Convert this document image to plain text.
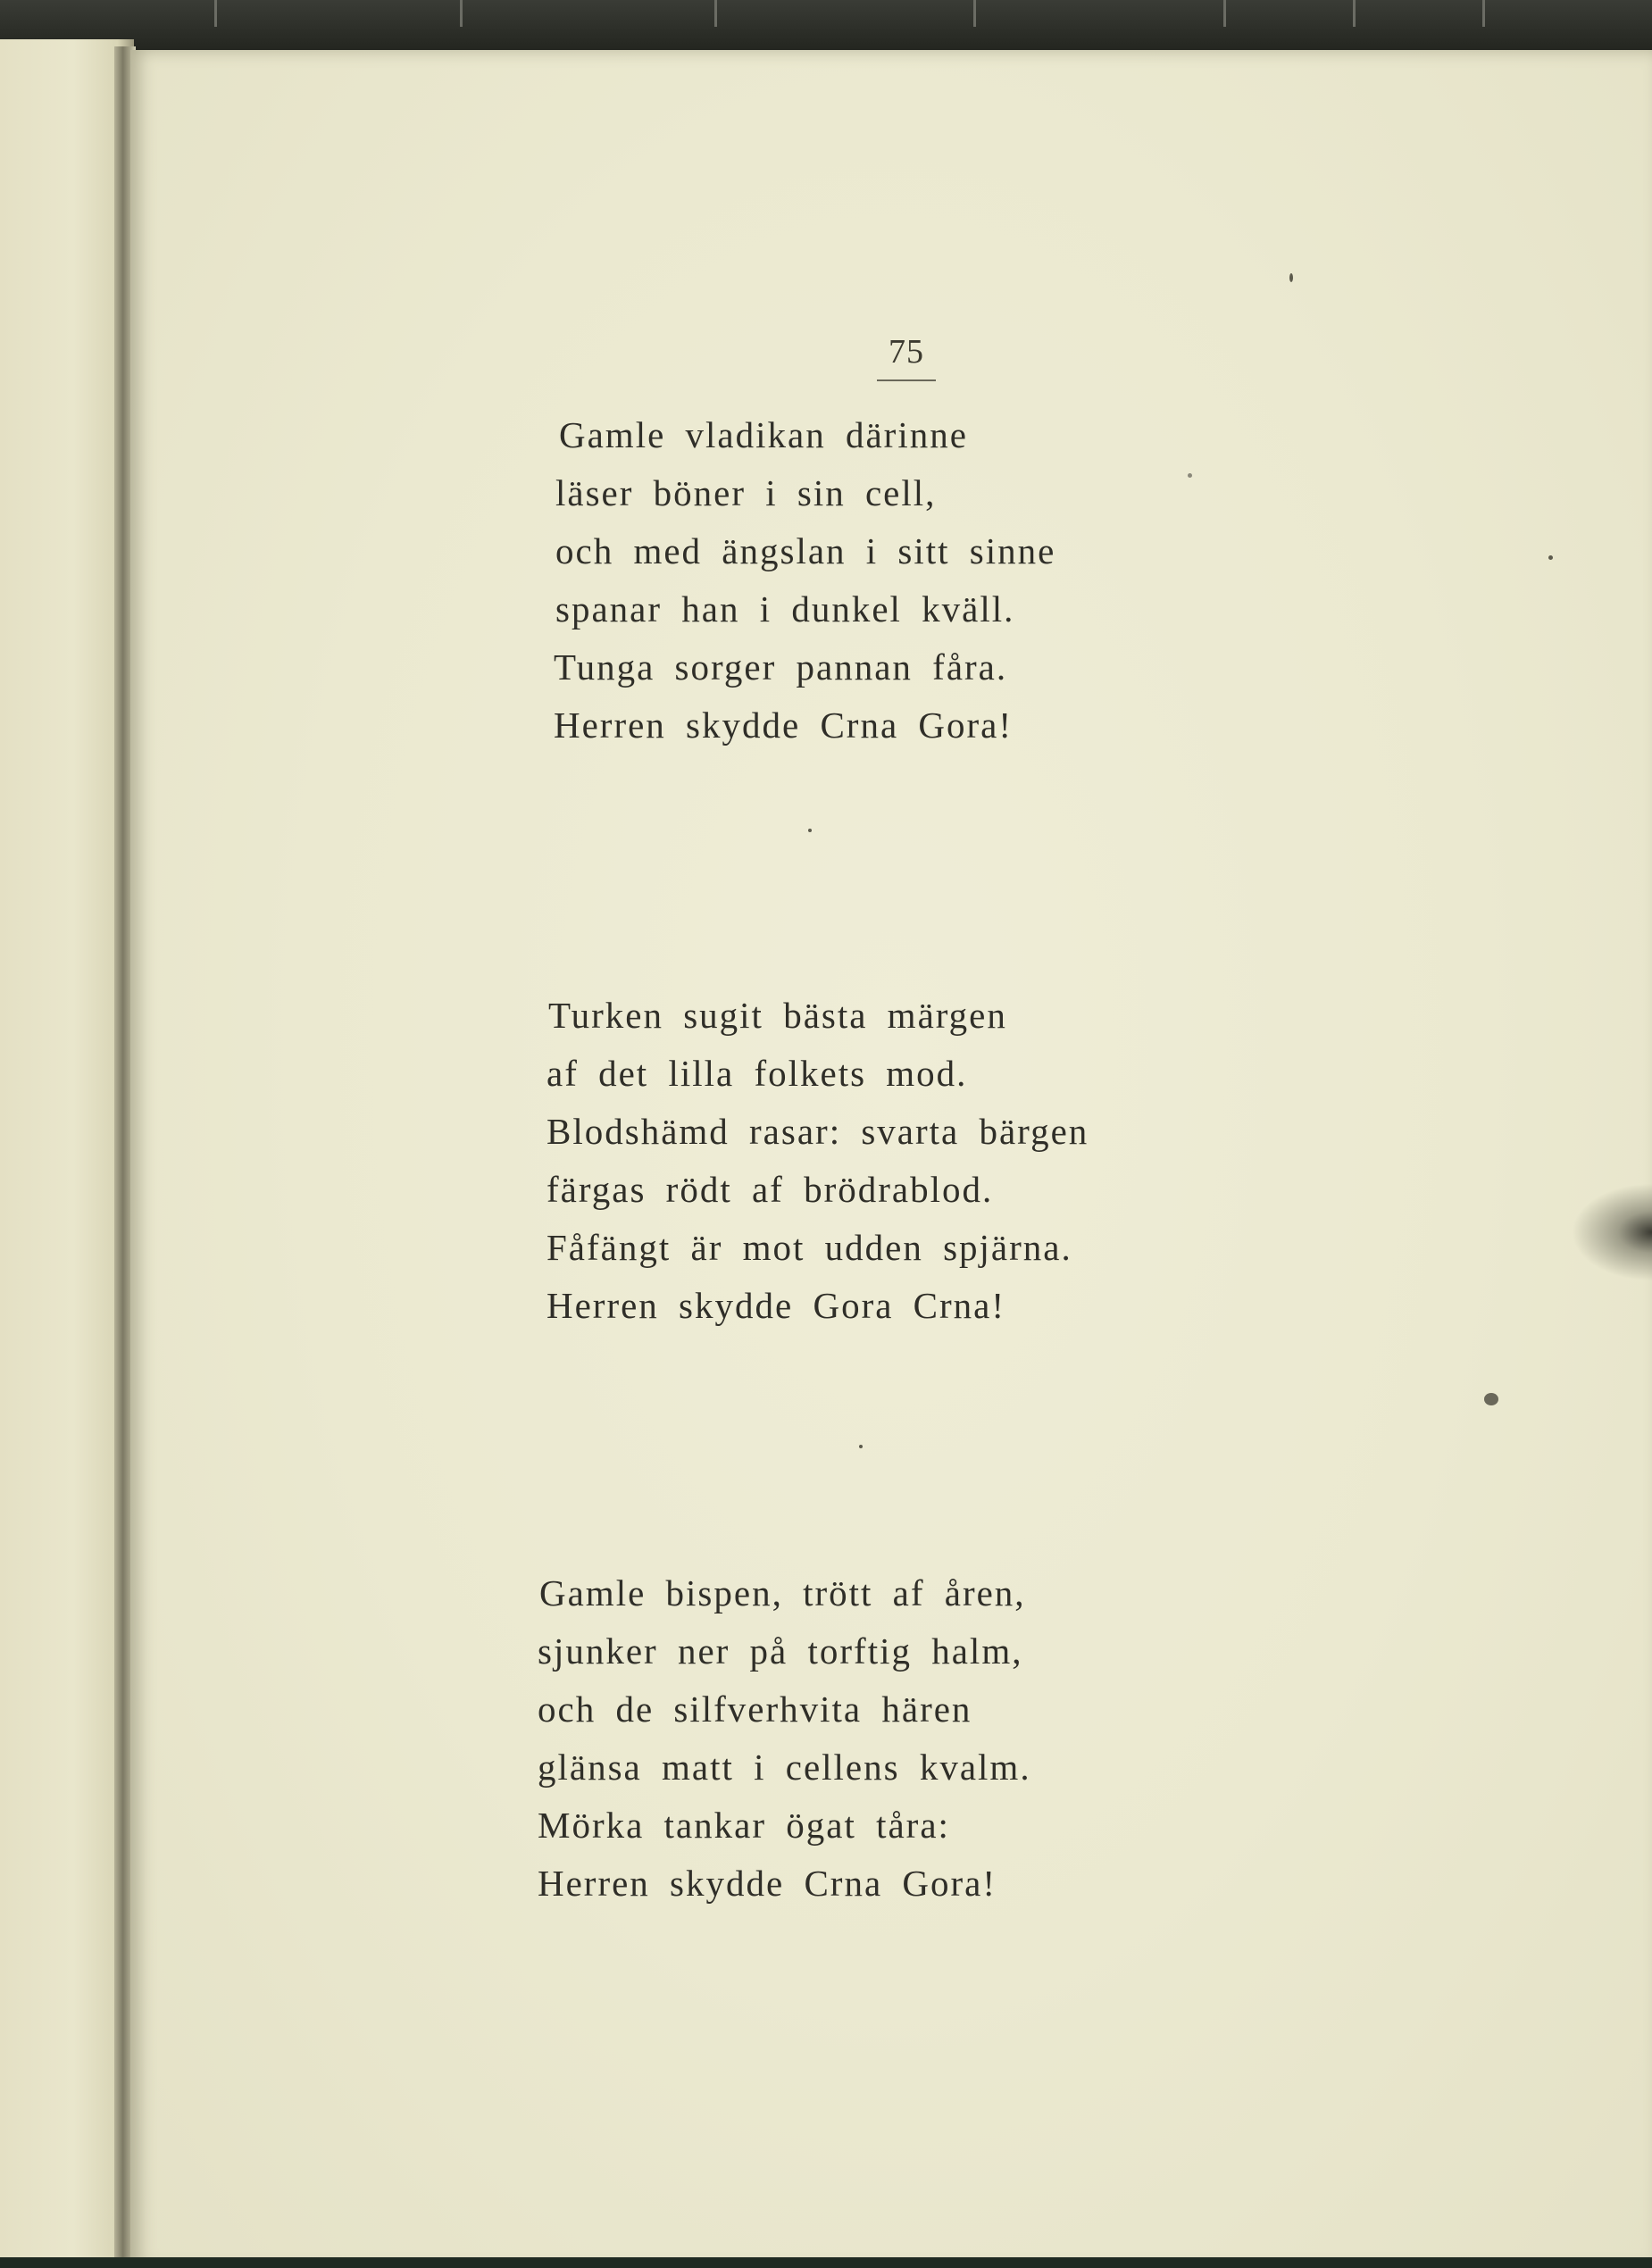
75
Gamle vladikan därinne
läser böner i sin cell,
och med ängslan i sitt sinne
spanar han i dunkel kväll.
Tunga sorger pannan fåra.
Herren skydde Crna Gora!
Turken sugit bästa märgen
af det lilla folkets mod.
Blodshämd rasar: svarta bärgen
färgas rödt af brödrablod.
Fåfängt är mot udden spjärna.
Herren skydde Gora Crna!
Gamle bispen, trött af åren,
sjunker ner på torftig halm,
och de silfverhvita hären
glänsa matt i cellens kvalm.
Mörka tankar ögat tåra:
Herren skydde Crna Gora!
